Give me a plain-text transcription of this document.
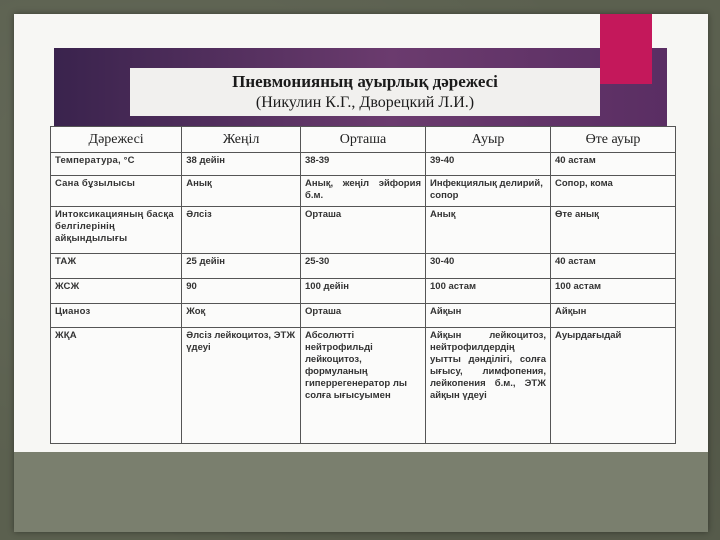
Пневмонияның ауырлық дәрежесі
(Никулин К.Г., Дворецкий Л.И.)
Дәрежесі	Жеңіл	Орташа	Ауыр	Өте ауыр
Температура, °С	38 дейін	38-39	39-40	40 астам
Сана бұзылысы	Анық	Анық, жеңіл эйфория б.м.	Инфекциялық делирий, сопор	Сопор, кома
Интоксикацияның басқа белгілерінің айқындылығы	Әлсіз	Орташа	Анық	Өте анық
ТАЖ	25 дейін	25-30	30-40	40 астам
ЖСЖ	90	100 дейін	100 астам	100 астам
Цианоз	Жоқ	Орташа	Айқын	Айқын
ЖҚА	Әлсіз лейкоцитоз, ЭТЖ үдеуі	Абсолютті нейтрофильді лейкоцитоз, формуланың гиперрегенератор лы солға ығысуымен	Айқын лейкоцитоз, нейтрофилдердің уытты дәнділігі, солға ығысу, лимфопения, лейкопения б.м., ЭТЖ айқын үдеуі	Ауырдағыдай
